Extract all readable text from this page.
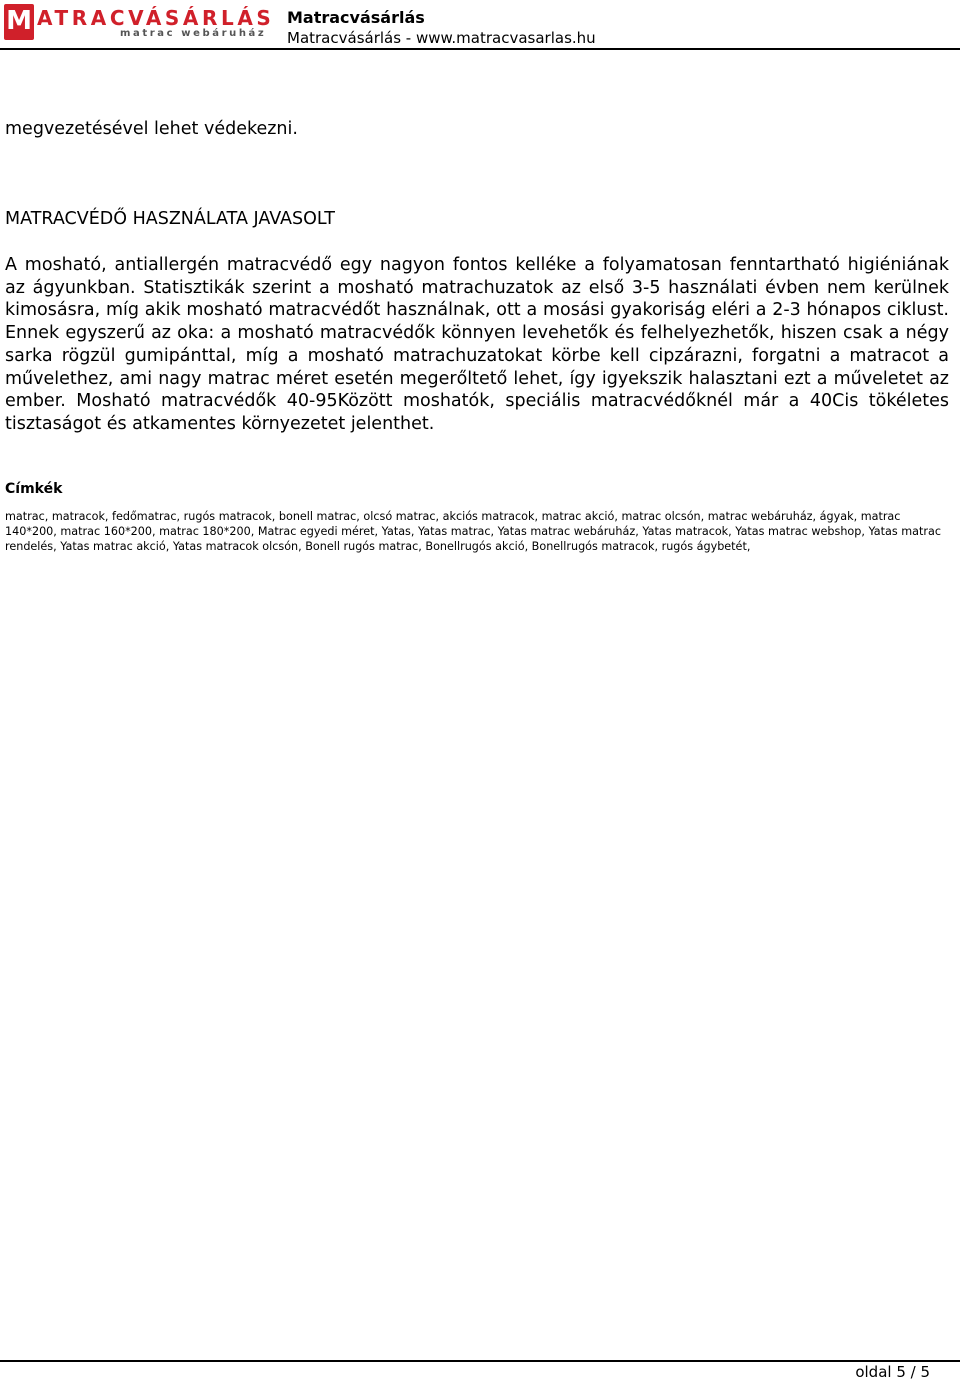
M ATRACVÁSÁRLÁS
matrac webáruház
Matracvásárlás
Matracvásárlás - www.matracvasarlas.hu
megvezetésével lehet védekezni.
MATRACVÉDŐ HASZNÁLATA JAVASOLT
A mosható, antiallergén matracvédő egy nagyon fontos kelléke a folyamatosan fenntartható higiéniának az ágyunkban. Statisztikák szerint a mosható matrachuzatok az első 3-5 használati évben nem kerülnek kimosásra, míg akik mosható matracvédőt használnak, ott a mosási gyakoriság eléri a 2-3 hónapos ciklust. Ennek egyszerű az oka: a mosható matracvédők könnyen levehetők és felhelyezhetők, hiszen csak a négy sarka rögzül gumipánttal, míg a mosható matrachuzatokat körbe kell cipzárazni, forgatni a matracot a művelethez, ami nagy matrac méret esetén megerőltető lehet, így igyekszik halasztani ezt a műveletet az ember. Mosható matracvédők 40-95Között moshatók, speciális matracvédőknél már a 40Cis tökéletes tisztaságot és atkamentes környezetet jelenthet.
Címkék
matrac, matracok, fedőmatrac, rugós matracok, bonell matrac, olcsó matrac, akciós matracok, matrac akció, matrac olcsón, matrac webáruház, ágyak, matrac 140*200, matrac 160*200, matrac 180*200, Matrac egyedi méret, Yatas, Yatas matrac, Yatas matrac webáruház, Yatas matracok, Yatas matrac webshop, Yatas matrac rendelés, Yatas matrac akció, Yatas matracok olcsón, Bonell rugós matrac, Bonellrugós akció, Bonellrugós matracok, rugós ágybetét,
oldal 5 / 5
